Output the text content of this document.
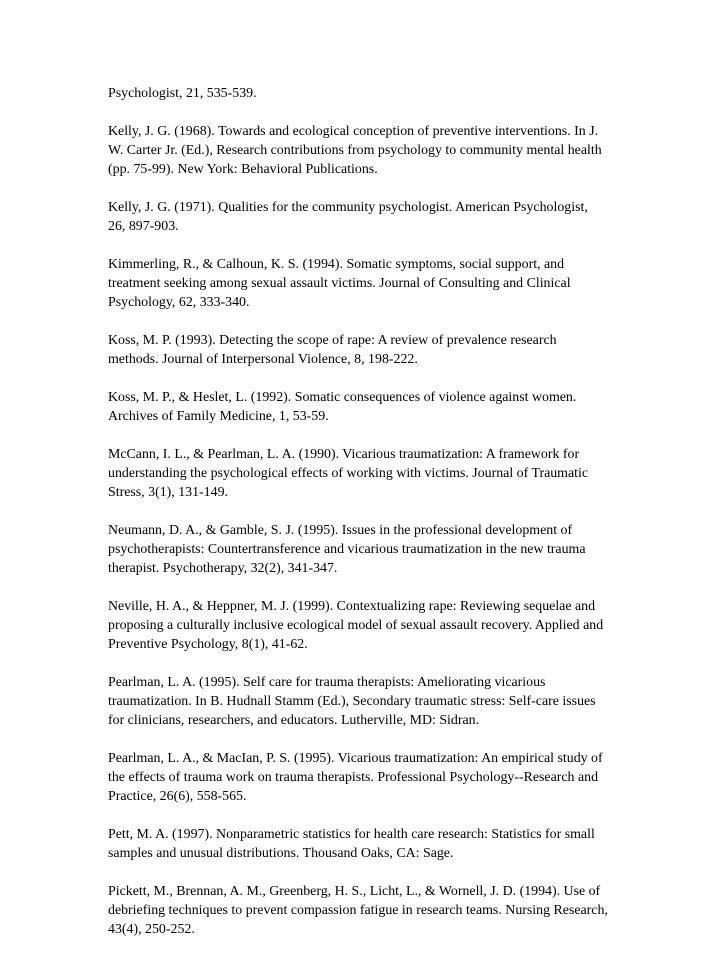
Psychologist, 21, 535-539.
Kelly, J. G. (1968). Towards and ecological conception of preventive interventions. In J.
W. Carter Jr. (Ed.), Research contributions from psychology to community mental health
(pp. 75-99). New York: Behavioral Publications.
Kelly, J. G. (1971). Qualities for the community psychologist. American Psychologist,
26, 897-903.
Kimmerling, R., & Calhoun, K. S. (1994). Somatic symptoms, social support, and
treatment seeking among sexual assault victims. Journal of Consulting and Clinical
Psychology, 62, 333-340.
Koss, M. P. (1993). Detecting the scope of rape: A review of prevalence research
methods. Journal of Interpersonal Violence, 8, 198-222.
Koss, M. P., & Heslet, L. (1992). Somatic consequences of violence against women.
Archives of Family Medicine, 1, 53-59.
McCann, I. L., & Pearlman, L. A. (1990). Vicarious traumatization: A framework for
understanding the psychological effects of working with victims. Journal of Traumatic
Stress, 3(1), 131-149.
Neumann, D. A., & Gamble, S. J. (1995). Issues in the professional development of
psychotherapists: Countertransference and vicarious traumatization in the new trauma
therapist. Psychotherapy, 32(2), 341-347.
Neville, H. A., & Heppner, M. J. (1999). Contextualizing rape: Reviewing sequelae and
proposing a culturally inclusive ecological model of sexual assault recovery. Applied and
Preventive Psychology, 8(1), 41-62.
Pearlman, L. A. (1995). Self care for trauma therapists: Ameliorating vicarious
traumatization. In B. Hudnall Stamm (Ed.), Secondary traumatic stress: Self-care issues
for clinicians, researchers, and educators. Lutherville, MD: Sidran.
Pearlman, L. A., & MacIan, P. S. (1995). Vicarious traumatization: An empirical study of
the effects of trauma work on trauma therapists. Professional Psychology--Research and
Practice, 26(6), 558-565.
Pett, M. A. (1997). Nonparametric statistics for health care research: Statistics for small
samples and unusual distributions. Thousand Oaks, CA: Sage.
Pickett, M., Brennan, A. M., Greenberg, H. S., Licht, L., & Wornell, J. D. (1994). Use of
debriefing techniques to prevent compassion fatigue in research teams. Nursing Research,
43(4), 250-252.
